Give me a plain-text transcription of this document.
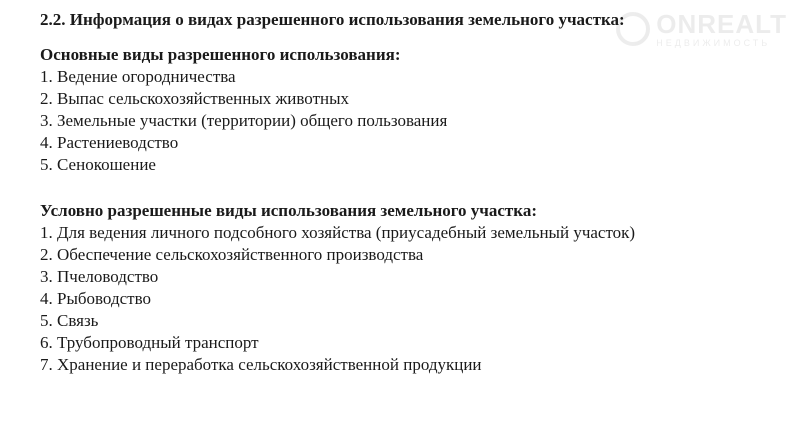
ONREALT
НЕДВИЖИМОСТЬ
2.2. Информация о видах разрешенного использования земельного участка:
Основные виды разрешенного использования:
1. Ведение огородничества
2. Выпас сельскохозяйственных животных
3. Земельные участки (территории) общего пользования
4. Растениеводство
5. Сенокошение
Условно разрешенные виды использования земельного участка:
1. Для ведения личного подсобного хозяйства (приусадебный земельный участок)
2. Обеспечение сельскохозяйственного производства
3. Пчеловодство
4. Рыбоводство
5. Связь
6. Трубопроводный транспорт
7. Хранение и переработка сельскохозяйственной продукции
